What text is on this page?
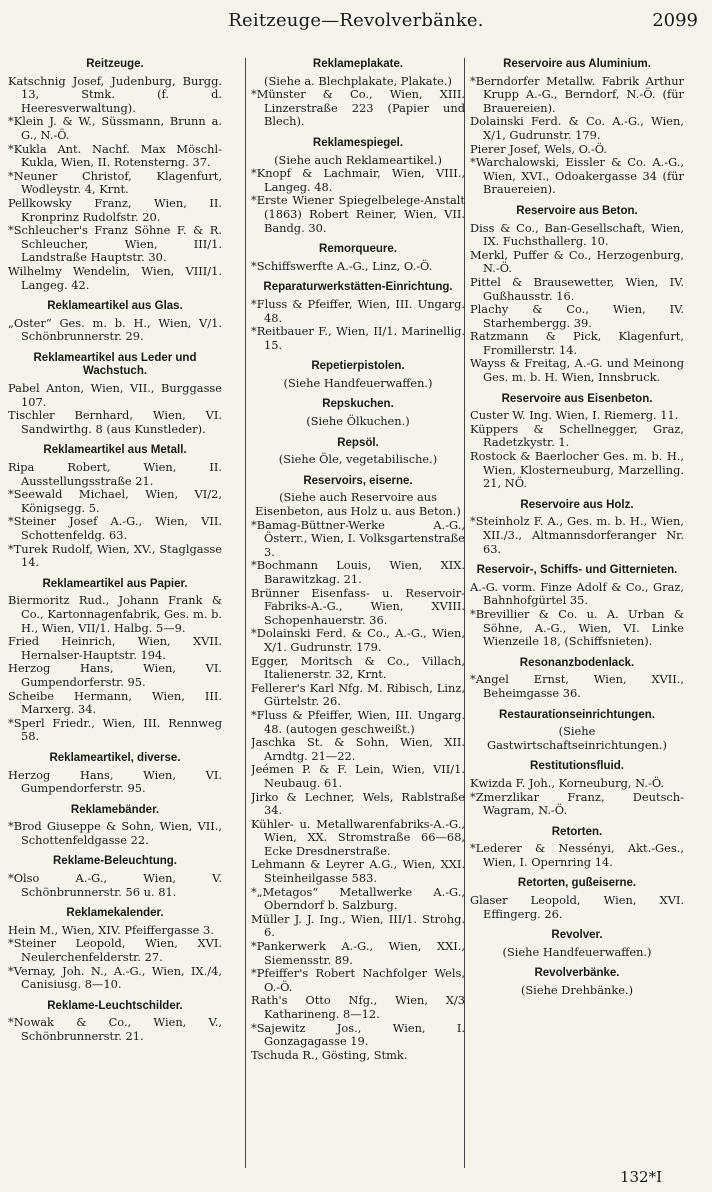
Reitzeuge—Revolverbänke.	2099
Reitzeuge.

Katschnig Josef, Judenburg, Burgg. 13, Stmk. (f. d. Heeresverwaltung).

*Klein J. & W., Süssmann, Brunn a. G., N.-Ö.

*Kukla Ant. Nachf. Max Möschl-Kukla, Wien, II. Rotensterng. 37.

*Neuner Christof, Klagenfurt, Wodleystr. 4, Krnt.

Pellkowsky Franz, Wien, II. Kronprinz Rudolfstr. 20.

*Schleucher's Franz Söhne F. & R. Schleucher, Wien, III/1. Landstraße Hauptstr. 30.

Wilhelmy Wendelin, Wien, VIII/1. Langeg. 42.

Reklameartikel aus Glas.

„Oster“ Ges. m. b. H., Wien, V/1. Schönbrunnerstr. 29.

Reklameartikel aus Leder und Wachstuch.

Pabel Anton, Wien, VII., Burggasse 107.

Tischler Bernhard, Wien, VI. Sandwirthg. 8 (aus Kunstleder).

Reklameartikel aus Metall.

Ripa Robert, Wien, II. Ausstellungsstraße 21.

*Seewald Michael, Wien, VI/2, Königsegg. 5.

*Steiner Josef A.-G., Wien, VII. Schottenfeldg. 63.

*Turek Rudolf, Wien, XV., Staglgasse 14.

Reklameartikel aus Papier.

Biermoritz Rud., Johann Frank & Co., Kartonnagenfabrik, Ges. m. b. H., Wien, VII/1. Halbg. 5—9.

Fried Heinrich, Wien, XVII. Hernalser-Hauptstr. 194.

Herzog Hans, Wien, VI. Gumpendorferstr. 95.

Scheibe Hermann, Wien, III. Marxerg. 34.

*Sperl Friedr., Wien, III. Rennweg 58.

Reklameartikel, diverse.

Herzog Hans, Wien, VI. Gumpendorferstr. 95.

Reklamebänder.

*Brod Giuseppe & Sohn, Wien, VII., Schottenfeldgasse 22.

Reklame-Beleuchtung.

*Olso A.-G., Wien, V. Schönbrunnerstr. 56 u. 81.

Reklamekalender.

Hein M., Wien, XIV. Pfeiffergasse 3.

*Steiner Leopold, Wien, XVI. Neulerchenfelderstr. 27.

*Vernay, Joh. N., A.-G., Wien, IX./4, Canisiusg. 8—10.

Reklame-Leuchtschilder.

*Nowak & Co., Wien, V., Schönbrunnerstr. 21.

Reklameplakate.

(Siehe a. Blechplakate, Plakate.)

*Münster & Co., Wien, XIII. Linzerstraße 223 (Papier und Blech).

Reklamespiegel.

(Siehe auch Reklameartikel.)

*Knopf & Lachmair, Wien, VIII., Langeg. 48.

*Erste Wiener Spiegelbelege-Anstalt (1863) Robert Reiner, Wien, VII. Bandg. 30.

Remorqueure.

*Schiffswerfte A.-G., Linz, O.-Ö.

Reparaturwerkstätten-Einrichtung.

*Fluss & Pfeiffer, Wien, III. Ungarg. 48.

*Reitbauer F., Wien, II/1. Marinellig. 15.

Repetierpistolen.

(Siehe Handfeuerwaffen.)

Repskuchen.

(Siehe Ölkuchen.)

Repsöl.

(Siehe Öle, vegetabilische.)

Reservoirs, eiserne.

(Siehe auch Reservoire aus Eisenbeton, aus Holz u. aus Beton.)

*Bamag-Büttner-Werke A.-G., Österr., Wien, I. Volksgartenstraße 3.

*Bochmann Louis, Wien, XIX. Barawitzkag. 21.

Brünner Eisenfass- u. Reservoir-Fabriks-A.-G., Wien, XVIII. Schopenhauerstr. 36.

*Dolainski Ferd. & Co., A.-G., Wien, X/1. Gudrunstr. 179.

Egger, Moritsch & Co., Villach, Italienerstr. 32, Krnt.

Fellerer's Karl Nfg. M. Ribisch, Linz, Gürtelstr. 26.

*Fluss & Pfeiffer, Wien, III. Ungarg. 48. (autogen geschweißt.)

Jaschka St. & Sohn, Wien, XII. Arndtg. 21—22.

Jeémen P. & F. Lein, Wien, VII/1. Neubaug. 61.

Jirko & Lechner, Wels, Rablstraße 34.

Kühler- u. Metallwarenfabriks-A.-G., Wien, XX. Stromstraße 66—68, Ecke Dresdnerstraße.

Lehmann & Leyrer A.G., Wien, XXI. Steinheilgasse 583.

*„Metagos“ Metallwerke A.-G., Oberndorf b. Salzburg.

Müller J. J. Ing., Wien, III/1. Strohg. 6.

*Pankerwerk A.-G., Wien, XXI., Siemensstr. 89.

*Pfeiffer's Robert Nachfolger Wels, O.-Ö.

Rath's Otto Nfg., Wien, X/3 Katharineng. 8—12.

*Sajewitz Jos., Wien, I. Gonzagagasse 19.

Tschuda R., Gösting, Stmk.

Reservoire aus Aluminium.

*Berndorfer Metallw. Fabrik Arthur Krupp A.-G., Berndorf, N.-Ö. (für Brauereien).

Dolainski Ferd. & Co. A.-G., Wien, X/1, Gudrunstr. 179.

Pierer Josef, Wels, O.-Ö.

*Warchalowski, Eissler & Co. A.-G., Wien, XVI., Odoakergasse 34 (für Brauereien).

Reservoire aus Beton.

Diss & Co., Ban-Gesellschaft, Wien, IX. Fuchsthallerg. 10.

Merkl, Puffer & Co., Herzogenburg, N.-Ö.

Pittel & Brausewetter, Wien, IV. Gußhausstr. 16.

Plachy & Co., Wien, IV. Starhembergg. 39.

Ratzmann & Pick, Klagenfurt, Fromillerstr. 14.

Wayss & Freitag, A.-G. und Meinong Ges. m. b. H. Wien, Innsbruck.

Reservoire aus Eisenbeton.

Custer W. Ing. Wien, I. Riemerg. 11.

Küppers & Schellnegger, Graz, Radetzkystr. 1.

Rostock & Baerlocher Ges. m. b. H., Wien, Klosterneuburg, Marzelling. 21, NÖ.

Reservoire aus Holz.

*Steinholz F. A., Ges. m. b. H., Wien, XII./3., Altmannsdorferanger Nr. 63.

Reservoir-, Schiffs- und Gitternieten.

A.-G. vorm. Finze Adolf & Co., Graz, Bahnhofgürtel 35.

*Brevillier & Co. u. A. Urban & Söhne, A.-G., Wien, VI. Linke Wienzeile 18, (Schiffsnieten).

Resonanzbodenlack.

*Angel Ernst, Wien, XVII., Beheimgasse 36.

Restaurationseinrichtungen.

(Siehe Gastwirtschaftseinrichtungen.)

Restitutionsfluid.

Kwizda F. Joh., Korneuburg, N.-Ö.

*Zmerzlikar Franz, Deutsch-Wagram, N.-Ö.

Retorten.

*Lederer & Nessényi, Akt.-Ges., Wien, I. Opernring 14.

Retorten, gußeiserne.

Glaser Leopold, Wien, XVI. Effingerg. 26.

Revolver.

(Siehe Handfeuerwaffen.)

Revolverbänke.

(Siehe Drehbänke.)

132*I
